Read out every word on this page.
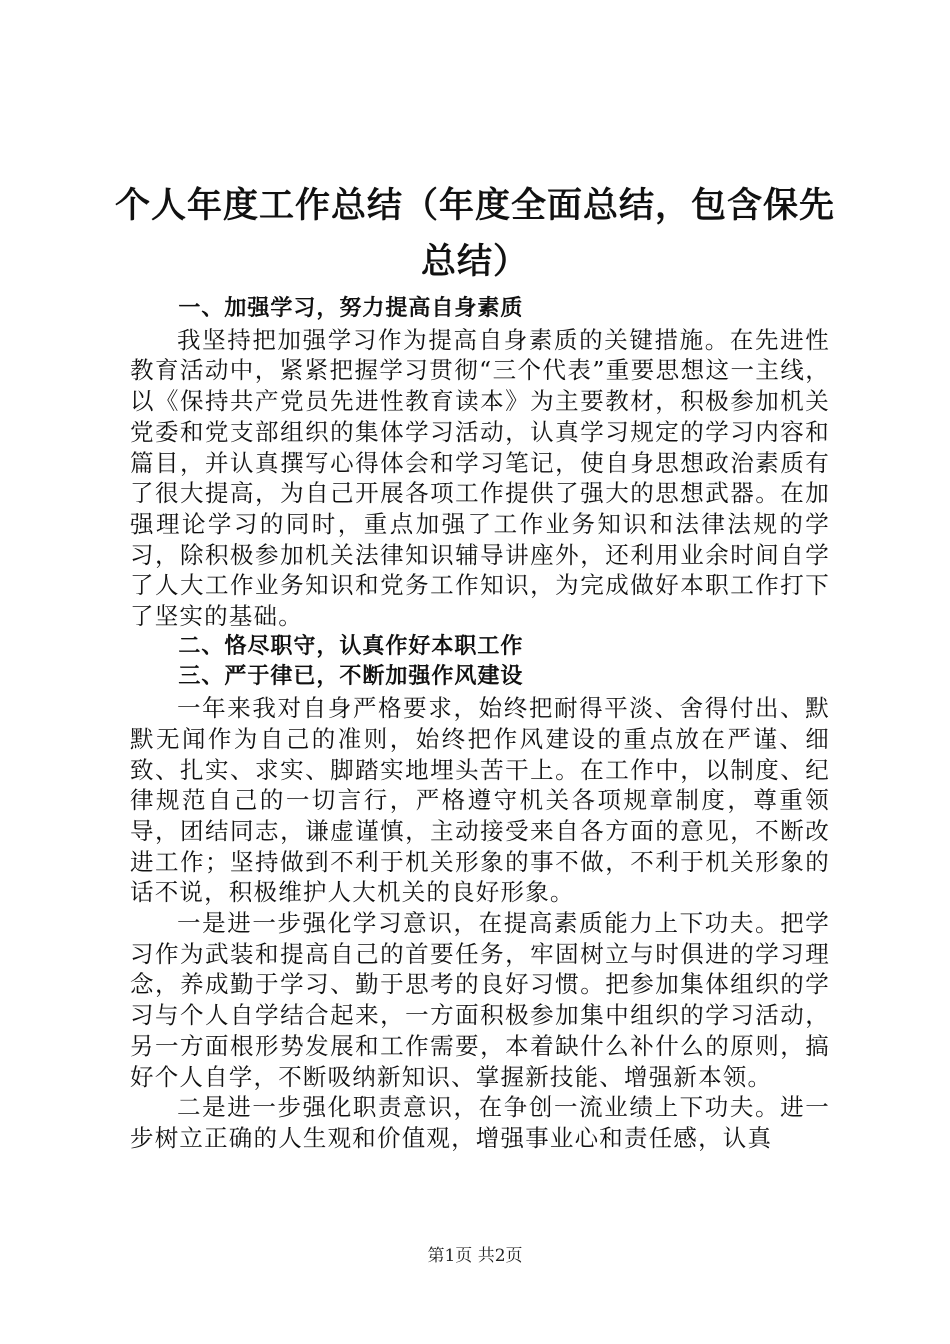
个人年度工作总结（年度全面总结，包含保先总结）
一、加强学习，努力提高自身素质

我坚持把加强学习作为提高自身素质的关键措施。在先进性教育活动中，紧紧把握学习贯彻“三个代表”重要思想这一主线，以《保持共产党员先进性教育读本》为主要教材，积极参加机关党委和党支部组织的集体学习活动，认真学习规定的学习内容和篇目，并认真撰写心得体会和学习笔记，使自身思想政治素质有了很大提高，为自己开展各项工作提供了强大的思想武器。在加强理论学习的同时，重点加强了工作业务知识和法律法规的学习，除积极参加机关法律知识辅导讲座外，还利用业余时间自学了人大工作业务知识和党务工作知识，为完成做好本职工作打下了坚实的基础。

二、恪尽职守，认真作好本职工作
三、严于律已，不断加强作风建设

一年来我对自身严格要求，始终把耐得平淡、舍得付出、默默无闻作为自己的准则，始终把作风建设的重点放在严谨、细致、扎实、求实、脚踏实地埋头苦干上。在工作中，以制度、纪律规范自己的一切言行，严格遵守机关各项规章制度，尊重领导，团结同志，谦虚谨慎，主动接受来自各方面的意见，不断改进工作；坚持做到不利于机关形象的事不做，不利于机关形象的话不说，积极维护人大机关的良好形象。

一是进一步强化学习意识，在提高素质能力上下功夫。把学习作为武装和提高自己的首要任务，牢固树立与时俱进的学习理念，养成勤于学习、勤于思考的良好习惯。把参加集体组织的学习与个人自学结合起来，一方面积极参加集中组织的学习活动，另一方面根形势发展和工作需要，本着缺什么补什么的原则，搞好个人自学，不断吸纳新知识、掌握新技能、增强新本领。

二是进一步强化职责意识，在争创一流业绩上下功夫。进一步树立正确的人生观和价值观，增强事业心和责任感，认真

第1页 共2页
